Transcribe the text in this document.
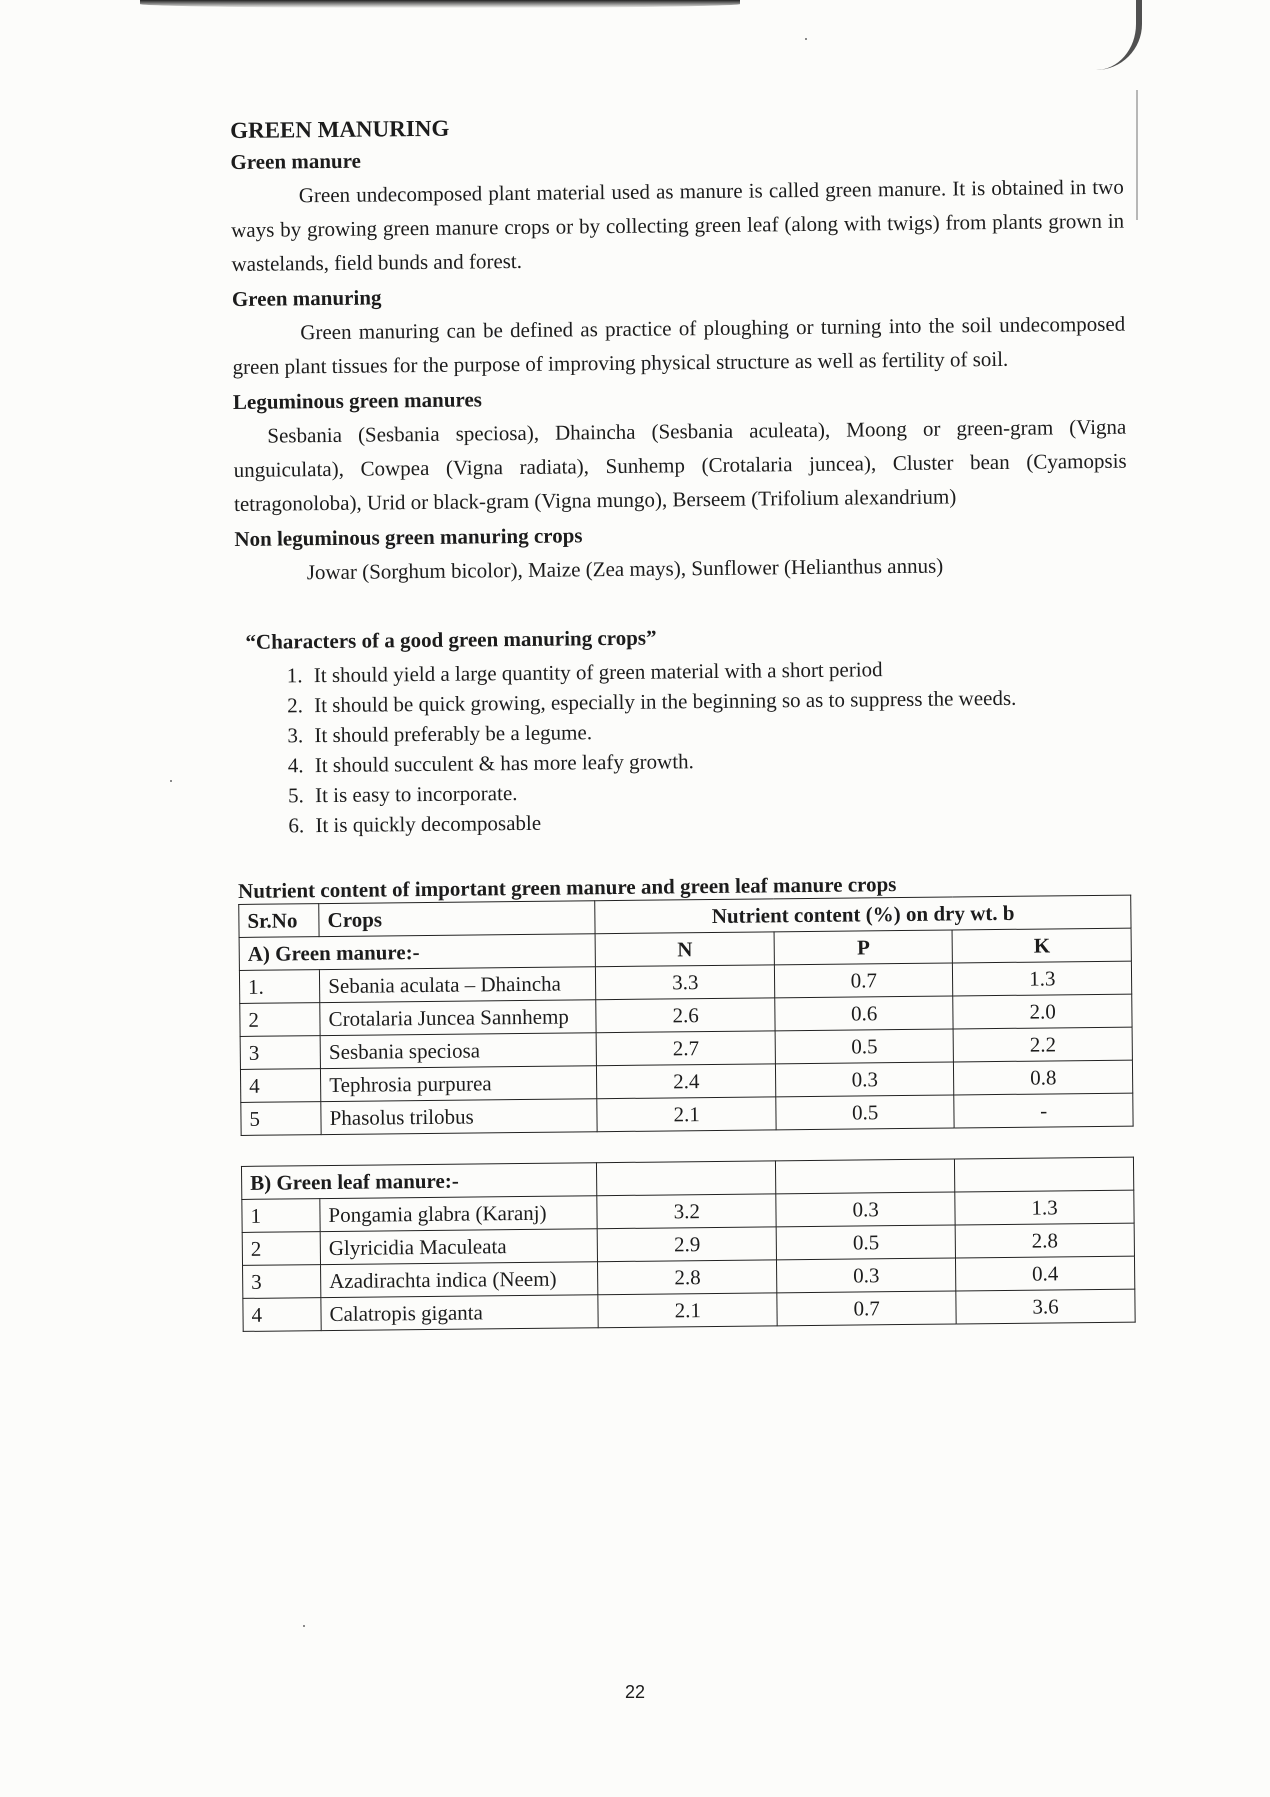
GREEN MANURING
Green manure

Green undecomposed plant material used as manure is called green manure. It is obtained in two ways by growing green manure crops or by collecting green leaf (along with twigs) from plants grown in wastelands, field bunds and forest.

Green manuring

Green manuring can be defined as practice of ploughing or turning into the soil undecomposed green plant tissues for the purpose of improving physical structure as well as fertility of soil.

Leguminous green manures

Sesbania (Sesbania speciosa), Dhaincha (Sesbania aculeata), Moong or green-gram (Vigna unguiculata), Cowpea (Vigna radiata), Sunhemp (Crotalaria juncea), Cluster bean (Cyamopsis tetragonoloba), Urid or black-gram (Vigna mungo), Berseem (Trifolium alexandrium)

Non leguminous green manuring crops
Jowar (Sorghum bicolor), Maize (Zea mays), Sunflower (Helianthus annus)
“Characters of a good green manuring crops”
1. It should yield a large quantity of green material with a short period
2. It should be quick growing, especially in the beginning so as to suppress the weeds.
3. It should preferably be a legume.
4. It should succulent & has more leafy growth.
5. It is easy to incorporate.
6. It is quickly decomposable
Nutrient content of important green manure and green leaf manure crops
Sr.No	Crops	Nutrient content (%) on dry wt. b		
A) Green manure:-		N	P	K
1.	Sebania aculata – Dhaincha	3.3	0.7	1.3
2	Crotalaria Juncea Sannhemp	2.6	0.6	2.0
3	Sesbania speciosa	2.7	0.5	2.2
4	Tephrosia purpurea	2.4	0.3	0.8
5	Phasolus trilobus	2.1	0.5	-
B) Green leaf manure:-				
1	Pongamia glabra (Karanj)	3.2	0.3	1.3
2	Glyricidia Maculeata	2.9	0.5	2.8
3	Azadirachta indica (Neem)	2.8	0.3	0.4
4	Calatropis giganta	2.1	0.7	3.6
22
